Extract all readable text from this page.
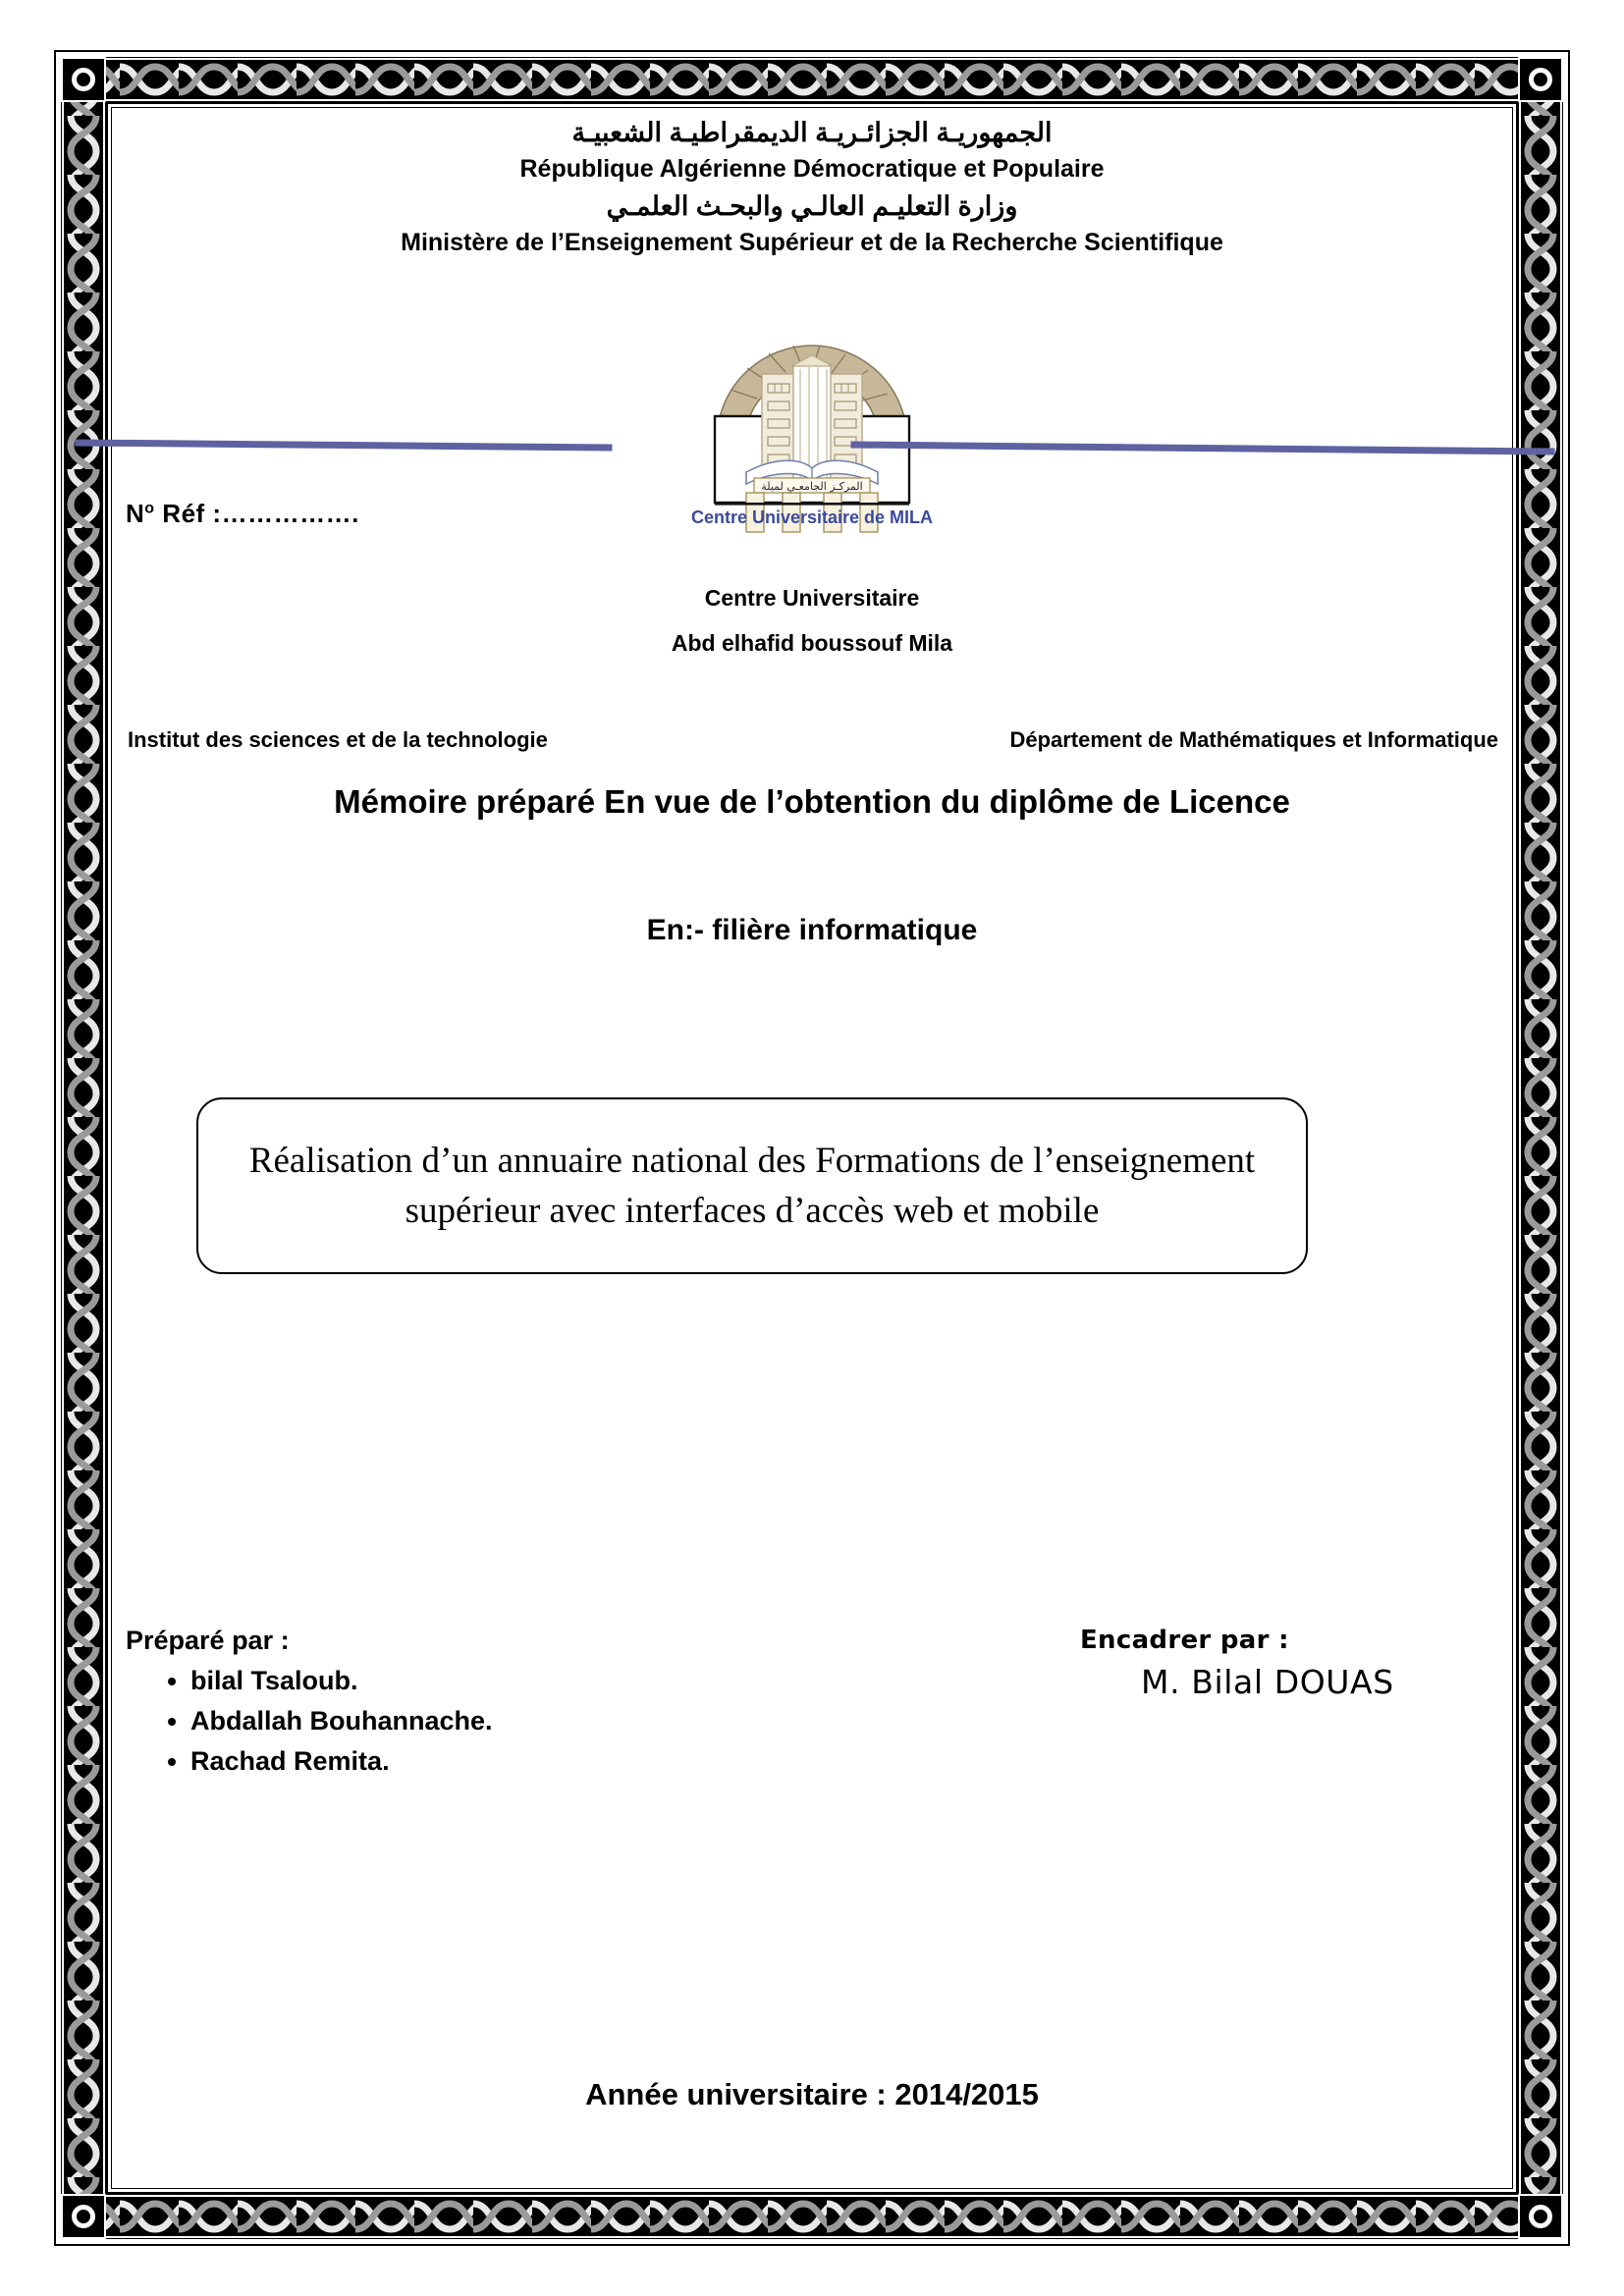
الجمهوريـة الجزائـريـة الديمقراطيـة الشعبيـة
République Algérienne Démocratique et Populaire
وزارة التعليـم العالـي والبحـث العلمـي
Ministère de l’Enseignement Supérieur et de la Recherche Scientifique
المركـز الجامعـي لميلة
Centre Universitaire de MILA
$N^o$ Réf :…………….
Centre Universitaire
Abd elhafid boussouf Mila
Institut des sciences et de la technologie	Département de Mathématiques et Informatique
Mémoire préparé En vue de l’obtention du diplôme de Licence
En:- filière informatique
Réalisation d’un annuaire national des Formations de l’enseignement supérieur avec interfaces d’accès web et mobile
Préparé par :
• bilal Tsaloub.
• Abdallah Bouhannache.
• Rachad Remita.
Encadrer par :
M. Bilal DOUAS
Année universitaire : 2014/2015
